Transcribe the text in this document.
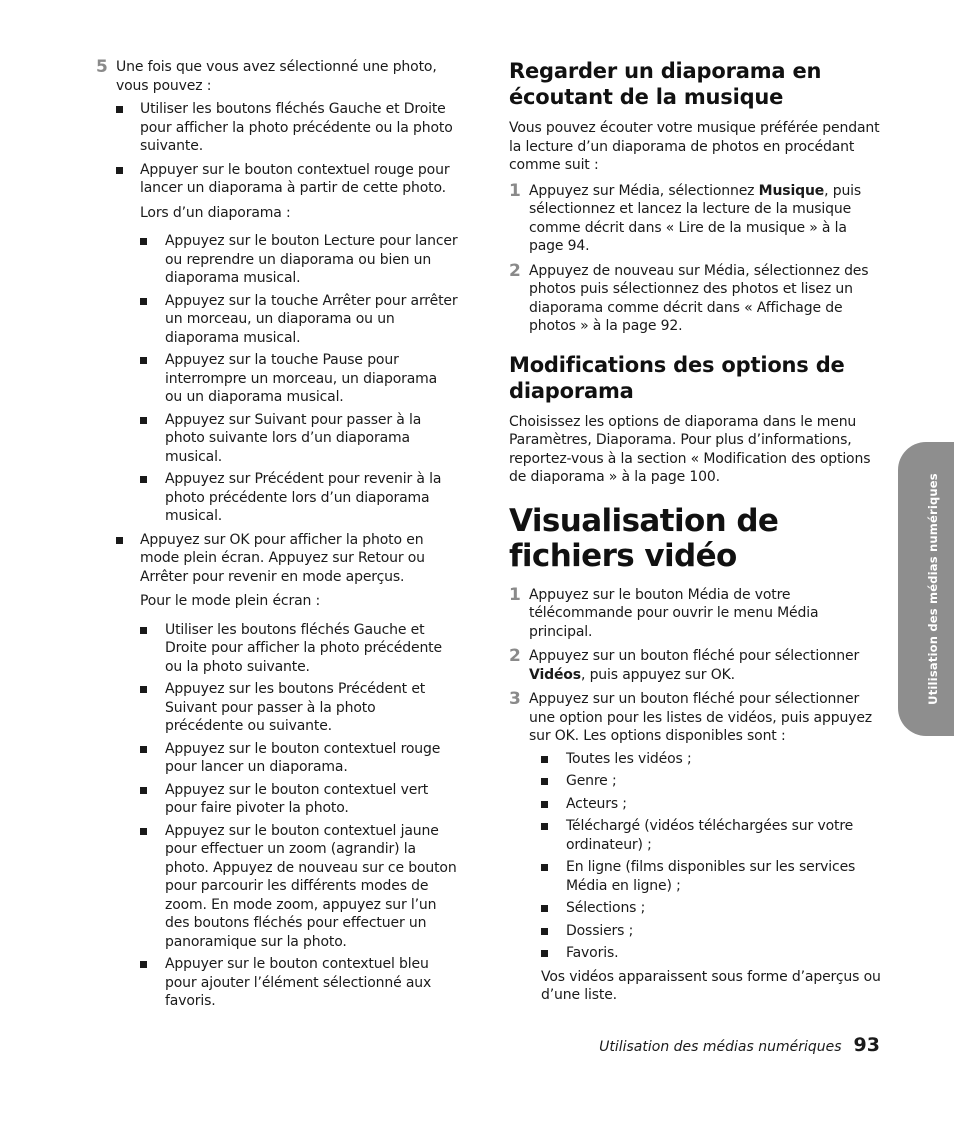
5 Une fois que vous avez sélectionné une photo, vous pouvez :
Utiliser les boutons fléchés Gauche et Droite pour afficher la photo précédente ou la photo suivante.
Appuyer sur le bouton contextuel rouge pour lancer un diaporama à partir de cette photo.

Lors d’un diaporama :

Appuyez sur le bouton Lecture pour lancer ou reprendre un diaporama ou bien un diaporama musical.
Appuyez sur la touche Arrêter pour arrêter un morceau, un diaporama ou un diaporama musical.
Appuyez sur la touche Pause pour interrompre un morceau, un diaporama ou un diaporama musical.
Appuyez sur Suivant pour passer à la photo suivante lors d’un diaporama musical.
Appuyez sur Précédent pour revenir à la photo précédente lors d’un diaporama musical.
Appuyez sur OK pour afficher la photo en mode plein écran. Appuyez sur Retour ou Arrêter pour revenir en mode aperçus.

Pour le mode plein écran :

Utiliser les boutons fléchés Gauche et Droite pour afficher la photo précédente ou la photo suivante.
Appuyez sur les boutons Précédent et Suivant pour passer à la photo précédente ou suivante.
Appuyez sur le bouton contextuel rouge pour lancer un diaporama.
Appuyez sur le bouton contextuel vert pour faire pivoter la photo.
Appuyez sur le bouton contextuel jaune pour effectuer un zoom (agrandir) la photo. Appuyez de nouveau sur ce bouton pour parcourir les différents modes de zoom. En mode zoom, appuyez sur l’un des boutons fléchés pour effectuer un panoramique sur la photo.
Appuyer sur le bouton contextuel bleu pour ajouter l’élément sélectionné aux favoris.
Regarder un diaporama en écoutant de la musique

Vous pouvez écouter votre musique préférée pendant la lecture d’un diaporama de photos en procédant comme suit :

1 Appuyez sur Média, sélectionnez Musique, puis sélectionnez et lancez la lecture de la musique comme décrit dans « Lire de la musique » à la page 94.
2 Appuyez de nouveau sur Média, sélectionnez des photos puis sélectionnez des photos et lisez un diaporama comme décrit dans « Affichage de photos » à la page 92.
Modifications des options de diaporama

Choisissez les options de diaporama dans le menu Paramètres, Diaporama. Pour plus d’informations, reportez-vous à la section « Modification des options de diaporama » à la page 100.

Visualisation de fichiers vidéo
1 Appuyez sur le bouton Média de votre télécommande pour ouvrir le menu Média principal.
2 Appuyez sur un bouton fléché pour sélectionner Vidéos, puis appuyez sur OK.
3 Appuyez sur un bouton fléché pour sélectionner une option pour les listes de vidéos, puis appuyez sur OK. Les options disponibles sont :
Toutes les vidéos ;
Genre ;
Acteurs ;
Téléchargé (vidéos téléchargées sur votre ordinateur) ;
En ligne (films disponibles sur les services Média en ligne) ;
Sélections ;
Dossiers ;
Favoris.

Vos vidéos apparaissent sous forme d’aperçus ou d’une liste.

Utilisation des médias numériques
Utilisation des médias numériques 93
